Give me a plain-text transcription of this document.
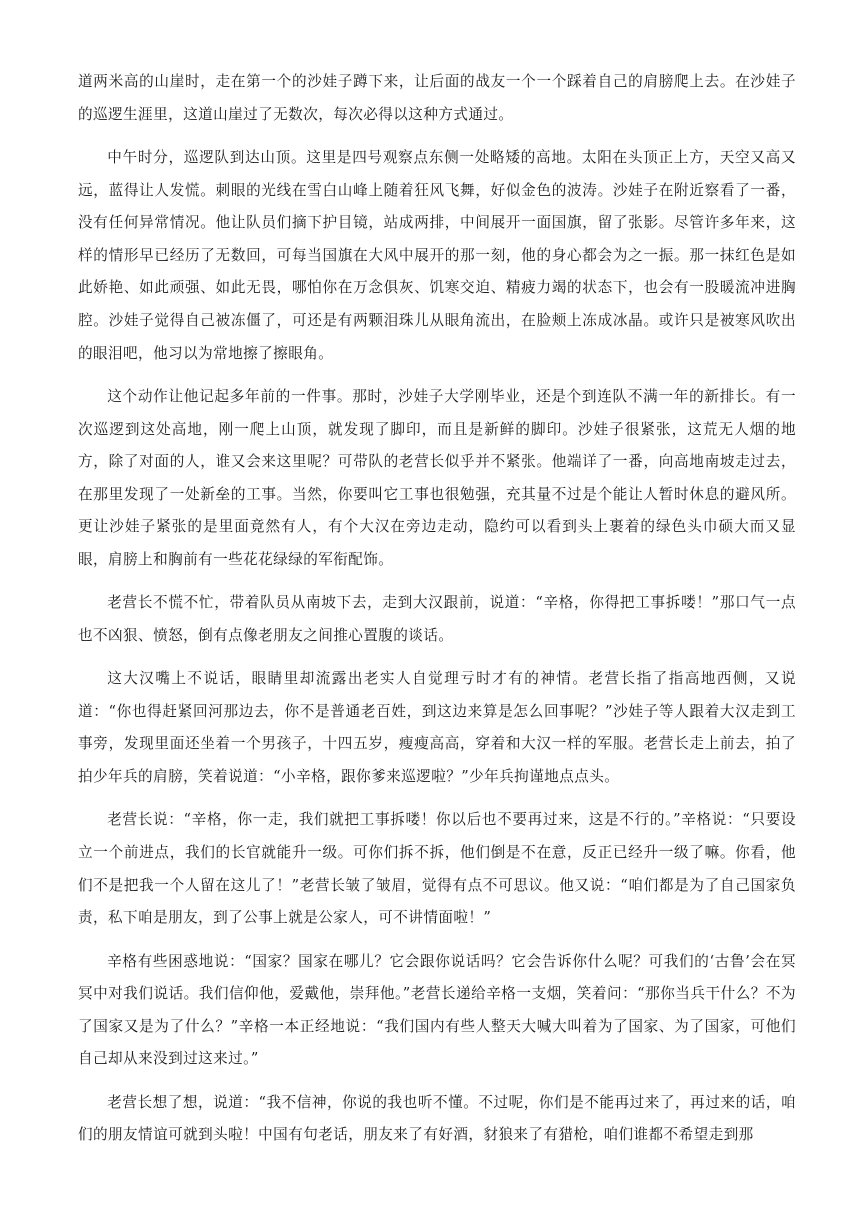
道两米高的山崖时，走在第一个的沙娃子蹲下来，让后面的战友一个一个踩着自己的肩膀爬上去。在沙娃子的巡逻生涯里，这道山崖过了无数次，每次必得以这种方式通过。

中午时分，巡逻队到达山顶。这里是四号观察点东侧一处略矮的高地。太阳在头顶正上方，天空又高又远，蓝得让人发慌。刺眼的光线在雪白山峰上随着狂风飞舞，好似金色的波涛。沙娃子在附近察看了一番，没有任何异常情况。他让队员们摘下护目镜，站成两排，中间展开一面国旗，留了张影。尽管许多年来，这样的情形早已经历了无数回，可每当国旗在大风中展开的那一刻，他的身心都会为之一振。那一抹红色是如此娇艳、如此顽强、如此无畏，哪怕你在万念俱灰、饥寒交迫、精疲力竭的状态下，也会有一股暖流冲进胸腔。沙娃子觉得自己被冻僵了，可还是有两颗泪珠儿从眼角流出，在脸颊上冻成冰晶。或许只是被寒风吹出的眼泪吧，他习以为常地擦了擦眼角。

这个动作让他记起多年前的一件事。那时，沙娃子大学刚毕业，还是个到连队不满一年的新排长。有一次巡逻到这处高地，刚一爬上山顶，就发现了脚印，而且是新鲜的脚印。沙娃子很紧张，这荒无人烟的地方，除了对面的人，谁又会来这里呢？可带队的老营长似乎并不紧张。他端详了一番，向高地南坡走过去，在那里发现了一处新垒的工事。当然，你要叫它工事也很勉强，充其量不过是个能让人暂时休息的避风所。更让沙娃子紧张的是里面竟然有人，有个大汉在旁边走动，隐约可以看到头上裹着的绿色头巾硕大而又显眼，肩膀上和胸前有一些花花绿绿的军衔配饰。

老营长不慌不忙，带着队员从南坡下去，走到大汉跟前，说道：“辛格，你得把工事拆喽！”那口气一点也不凶狠、愤怒，倒有点像老朋友之间推心置腹的谈话。

这大汉嘴上不说话，眼睛里却流露出老实人自觉理亏时才有的神情。老营长指了指高地西侧，又说道：“你也得赶紧回河那边去，你不是普通老百姓，到这边来算是怎么回事呢？”沙娃子等人跟着大汉走到工事旁，发现里面还坐着一个男孩子，十四五岁，瘦瘦高高，穿着和大汉一样的军服。老营长走上前去，拍了拍少年兵的肩膀，笑着说道：“小辛格，跟你爹来巡逻啦？”少年兵拘谨地点点头。

老营长说：“辛格，你一走，我们就把工事拆喽！你以后也不要再过来，这是不行的。”辛格说：“只要设立一个前进点，我们的长官就能升一级。可你们拆不拆，他们倒是不在意，反正已经升一级了嘛。你看，他们不是把我一个人留在这儿了！”老营长皱了皱眉，觉得有点不可思议。他又说：“咱们都是为了自己国家负责，私下咱是朋友，到了公事上就是公家人，可不讲情面啦！”

辛格有些困惑地说：“国家？国家在哪儿？它会跟你说话吗？它会告诉你什么呢？可我们的‘古鲁’会在冥冥中对我们说话。我们信仰他，爱戴他，崇拜他。”老营长递给辛格一支烟，笑着问：“那你当兵干什么？不为了国家又是为了什么？”辛格一本正经地说：“我们国内有些人整天大喊大叫着为了国家、为了国家，可他们自己却从来没到过这来过。”

老营长想了想，说道：“我不信神，你说的我也听不懂。不过呢，你们是不能再过来了，再过来的话，咱们的朋友情谊可就到头啦！中国有句老话，朋友来了有好酒，豺狼来了有猎枪，咱们谁都不希望走到那
